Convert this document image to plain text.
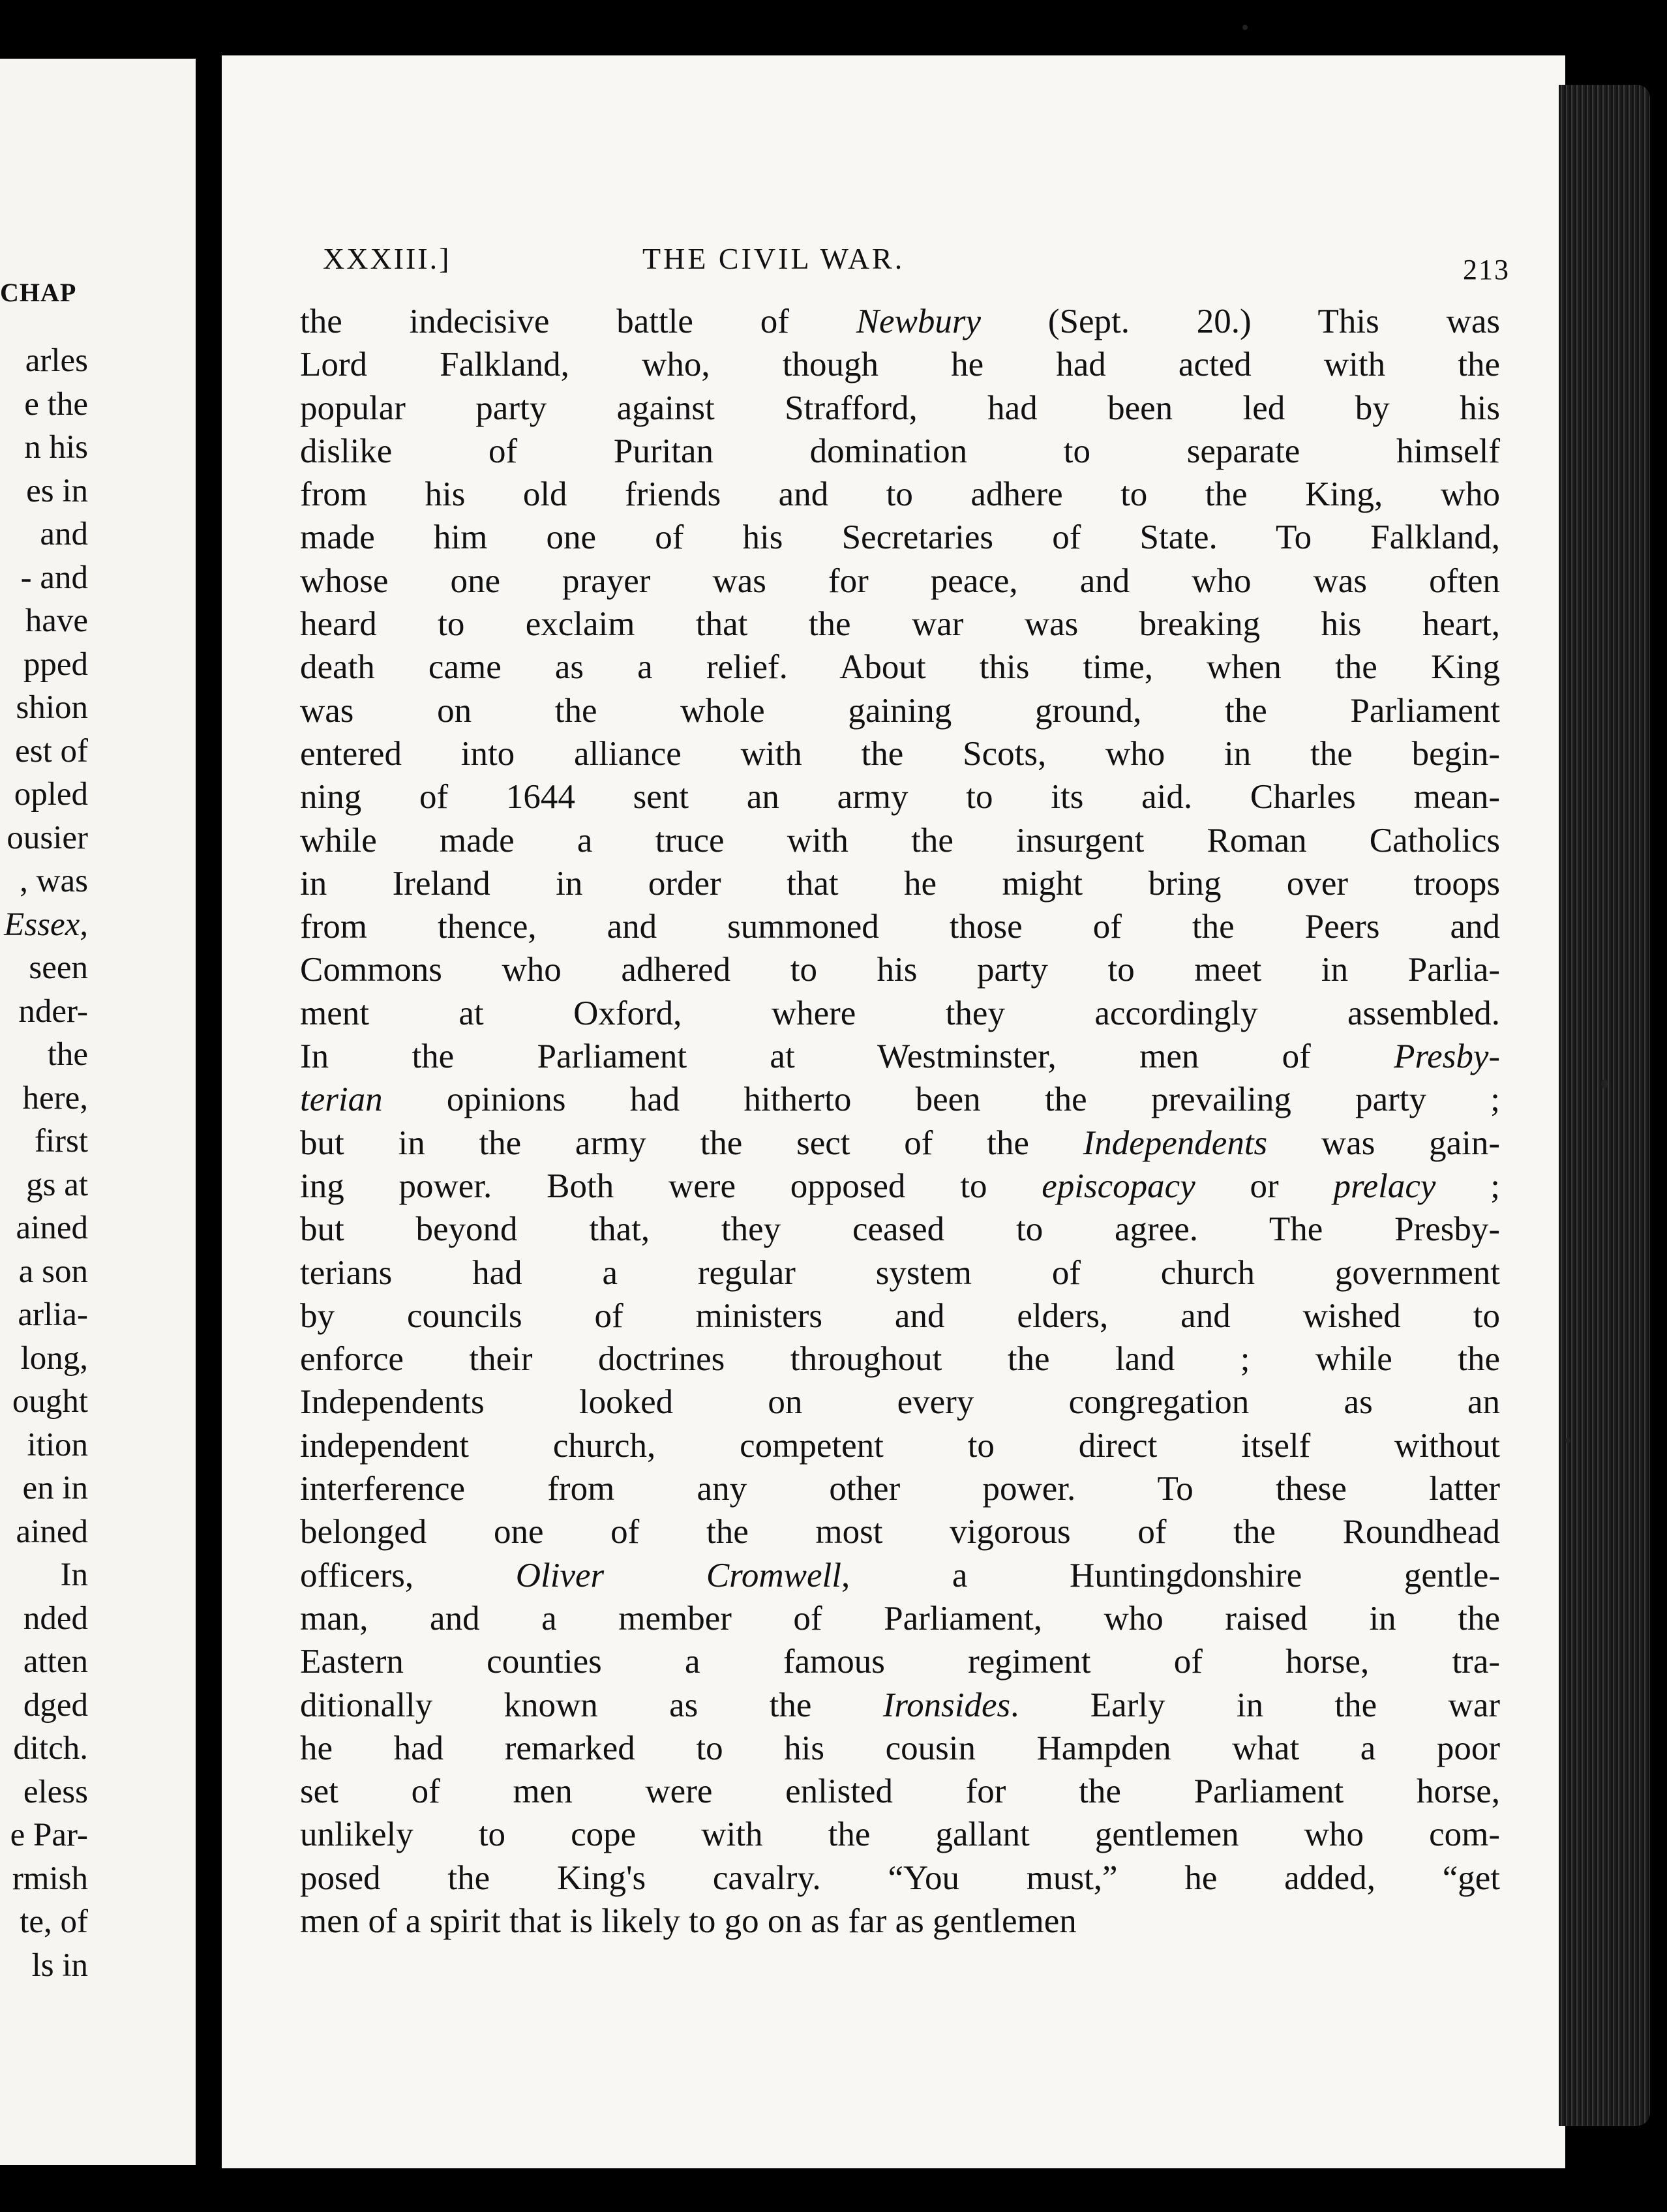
CHAP
arles
e the
n his
es in
and
- and
have
pped
shion
est of
opled
ousier
, was
Essex,
seen
nder-
the
here,
first
gs at
ained
a son
arlia-
long,
ought
ition
en in
ained
In
nded
atten
dged
ditch.
eless
e Par-
rmish
te, of
ls in
XXXIII.]	THE CIVIL WAR.	213
the indecisive battle of Newbury (Sept. 20.) This was
Lord Falkland, who, though he had acted with the
popular party against Strafford, had been led by his
dislike of Puritan domination to separate himself
from his old friends and to adhere to the King, who
made him one of his Secretaries of State. To Falkland,
whose one prayer was for peace, and who was often
heard to exclaim that the war was breaking his heart,
death came as a relief. About this time, when the King
was on the whole gaining ground, the Parliament
entered into alliance with the Scots, who in the begin-
ning of 1644 sent an army to its aid. Charles mean-
while made a truce with the insurgent Roman Catholics
in Ireland in order that he might bring over troops
from thence, and summoned those of the Peers and
Commons who adhered to his party to meet in Parlia-
ment at Oxford, where they accordingly assembled.
In the Parliament at Westminster, men of Presby-
terian opinions had hitherto been the prevailing party ;
but in the army the sect of the Independents was gain-
ing power. Both were opposed to episcopacy or prelacy ;
but beyond that, they ceased to agree. The Presby-
terians had a regular system of church government
by councils of ministers and elders, and wished to
enforce their doctrines throughout the land ; while the
Independents looked on every congregation as an
independent church, competent to direct itself without
interference from any other power. To these latter
belonged one of the most vigorous of the Roundhead
officers, Oliver Cromwell, a Huntingdonshire gentle-
man, and a member of Parliament, who raised in the
Eastern counties a famous regiment of horse, tra-
ditionally known as the Ironsides. Early in the war
he had remarked to his cousin Hampden what a poor
set of men were enlisted for the Parliament horse,
unlikely to cope with the gallant gentlemen who com-
posed the King's cavalry. “You must,” he added, “get
men of a spirit that is likely to go on as far as gentlemen
